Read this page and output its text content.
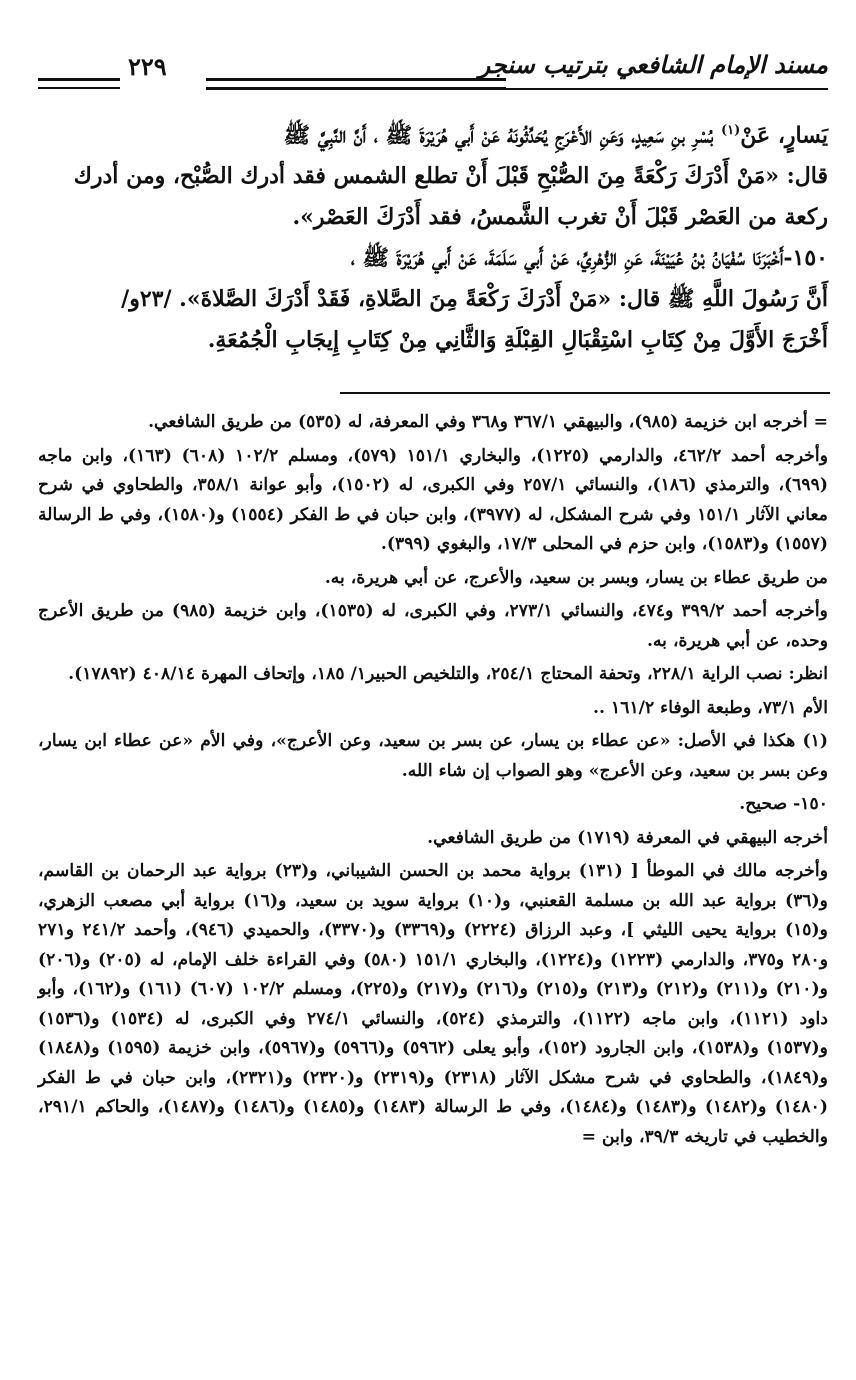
مسند الإمام الشافعي بترتيب سنجر
٢٢٩

يَسارٍ، عَنْ$^{(١)}$ بُسْرِ بنِ سَعِيدٍ، وَعَنِ الأَعْرَجِ يُحَدِّثُونَهُ عَنْ أَبي هُرَيْرَةَ ﷺ ، أَنَّ النَّبِيَّ ﷺ

قال: «مَنْ أَدْرَكَ رَكْعَةً مِنَ الصُّبْحِ قَبْلَ أَنْ تطلع الشمس فقد أدرك الصُّبْح، ومن أدرك

ركعة من العَصْر قَبْلَ أَنْ تغرب الشَّمسُ، فقد أَدْرَكَ العَصْر».

١٥٠-أَخْبَرَنَا سُفْيَانُ بْنُ عُيَيْنَةَ، عَنِ الزُّهْرِيِّ، عَنْ أَبي سَلَمَةَ، عَنْ أَبي هُرَيْرَةَ ﷺ ،

أَنَّ رَسُولَ اللَّهِ ﷺ قال: «مَنْ أَدْرَكَ رَكْعَةً مِنَ الصَّلاةِ، فَقَدْ أَدْرَكَ الصَّلاةَ». /٢٣و/

أَخْرَجَ الأَوَّلَ مِنْ كِتَابِ اسْتِقْبَالِ القِبْلَةِ وَالثَّانِي مِنْ كِتَابِ إِيجَابِ الْجُمُعَةِ.

= أخرجه ابن خزيمة (٩٨٥)، والبيهقي ٣٦٧/١ و٣٦٨ وفي المعرفة، له (٥٣٥) من طريق الشافعي.

وأخرجه أحمد ٤٦٢/٢، والدارمي (١٢٢٥)، والبخاري ١٥١/١ (٥٧٩)، ومسلم ١٠٢/٢ (٦٠٨) (١٦٣)، وابن ماجه (٦٩٩)، والترمذي (١٨٦)، والنسائي ٢٥٧/١ وفي الكبرى، له (١٥٠٢)، وأبو عوانة ٣٥٨/١، والطحاوي في شرح معاني الآثار ١٥١/١ وفي شرح المشكل، له (٣٩٧٧)، وابن حبان في ط الفكر (١٥٥٤) و(١٥٨٠)، وفي ط الرسالة (١٥٥٧) و(١٥٨٣)، وابن حزم في المحلى ١٧/٣، والبغوي (٣٩٩).

من طريق عطاء بن يسار، وبسر بن سعيد، والأعرج، عن أبي هريرة، به.

وأخرجه أحمد ٣٩٩/٢ و٤٧٤، والنسائي ٢٧٣/١، وفي الكبرى، له (١٥٣٥)، وابن خزيمة (٩٨٥) من طريق الأعرج وحده، عن أبي هريرة، به.

انظر: نصب الراية ٢٢٨/١، وتحفة المحتاج ٢٥٤/١، والتلخيص الحبير١/ ١٨٥، وإتحاف المهرة ٤٠٨/١٤ (١٧٨٩٢).

الأم ٧٣/١، وطبعة الوفاء ١٦١/٢ ..

(١) هكذا في الأصل: «عن عطاء بن يسار، عن بسر بن سعيد، وعن الأعرج»، وفي الأم «عن عطاء ابن يسار، وعن بسر بن سعيد، وعن الأعرج» وهو الصواب إن شاء الله.

١٥٠- صحيح.

أخرجه البيهقي في المعرفة (١٧١٩) من طريق الشافعي.

وأخرجه مالك في الموطأ [ (١٣١) برواية محمد بن الحسن الشيباني، و(٢٣) برواية عبد الرحمان بن القاسم، و(٣٦) برواية عبد الله بن مسلمة القعنبي، و(١٠) برواية سويد بن سعيد، و(١٦) برواية أبي مصعب الزهري، و(١٥) برواية يحيى الليثي ]، وعبد الرزاق (٢٢٢٤) و(٣٣٦٩) و(٣٣٧٠)، والحميدي (٩٤٦)، وأحمد ٢٤١/٢ و٢٧١ و٢٨٠ و٣٧٥، والدارمي (١٢٢٣) و(١٢٢٤)، والبخاري ١٥١/١ (٥٨٠) وفي القراءة خلف الإمام، له (٢٠٥) و(٢٠٦) و(٢١٠) و(٢١١) و(٢١٢) و(٢١٣) و(٢١٥) و(٢١٦) و(٢١٧) و(٢٢٥)، ومسلم ١٠٢/٢ (٦٠٧) (١٦١) و(١٦٢)، وأبو داود (١١٢١)، وابن ماجه (١١٢٢)، والترمذي (٥٢٤)، والنسائي ٢٧٤/١ وفي الكبرى، له (١٥٣٤) و(١٥٣٦) و(١٥٣٧) و(١٥٣٨)، وابن الجارود (١٥٢)، وأبو يعلى (٥٩٦٢) و(٥٩٦٦) و(٥٩٦٧)، وابن خزيمة (١٥٩٥) و(١٨٤٨) و(١٨٤٩)، والطحاوي في شرح مشكل الآثار (٢٣١٨) و(٢٣١٩) و(٢٣٢٠) و(٢٣٢١)، وابن حبان في ط الفكر (١٤٨٠) و(١٤٨٢) و(١٤٨٣) و(١٤٨٤)، وفي ط الرسالة (١٤٨٣) و(١٤٨٥) و(١٤٨٦) و(١٤٨٧)، والحاكم ٢٩١/١، والخطيب في تاريخه ٣٩/٣، وابن =
